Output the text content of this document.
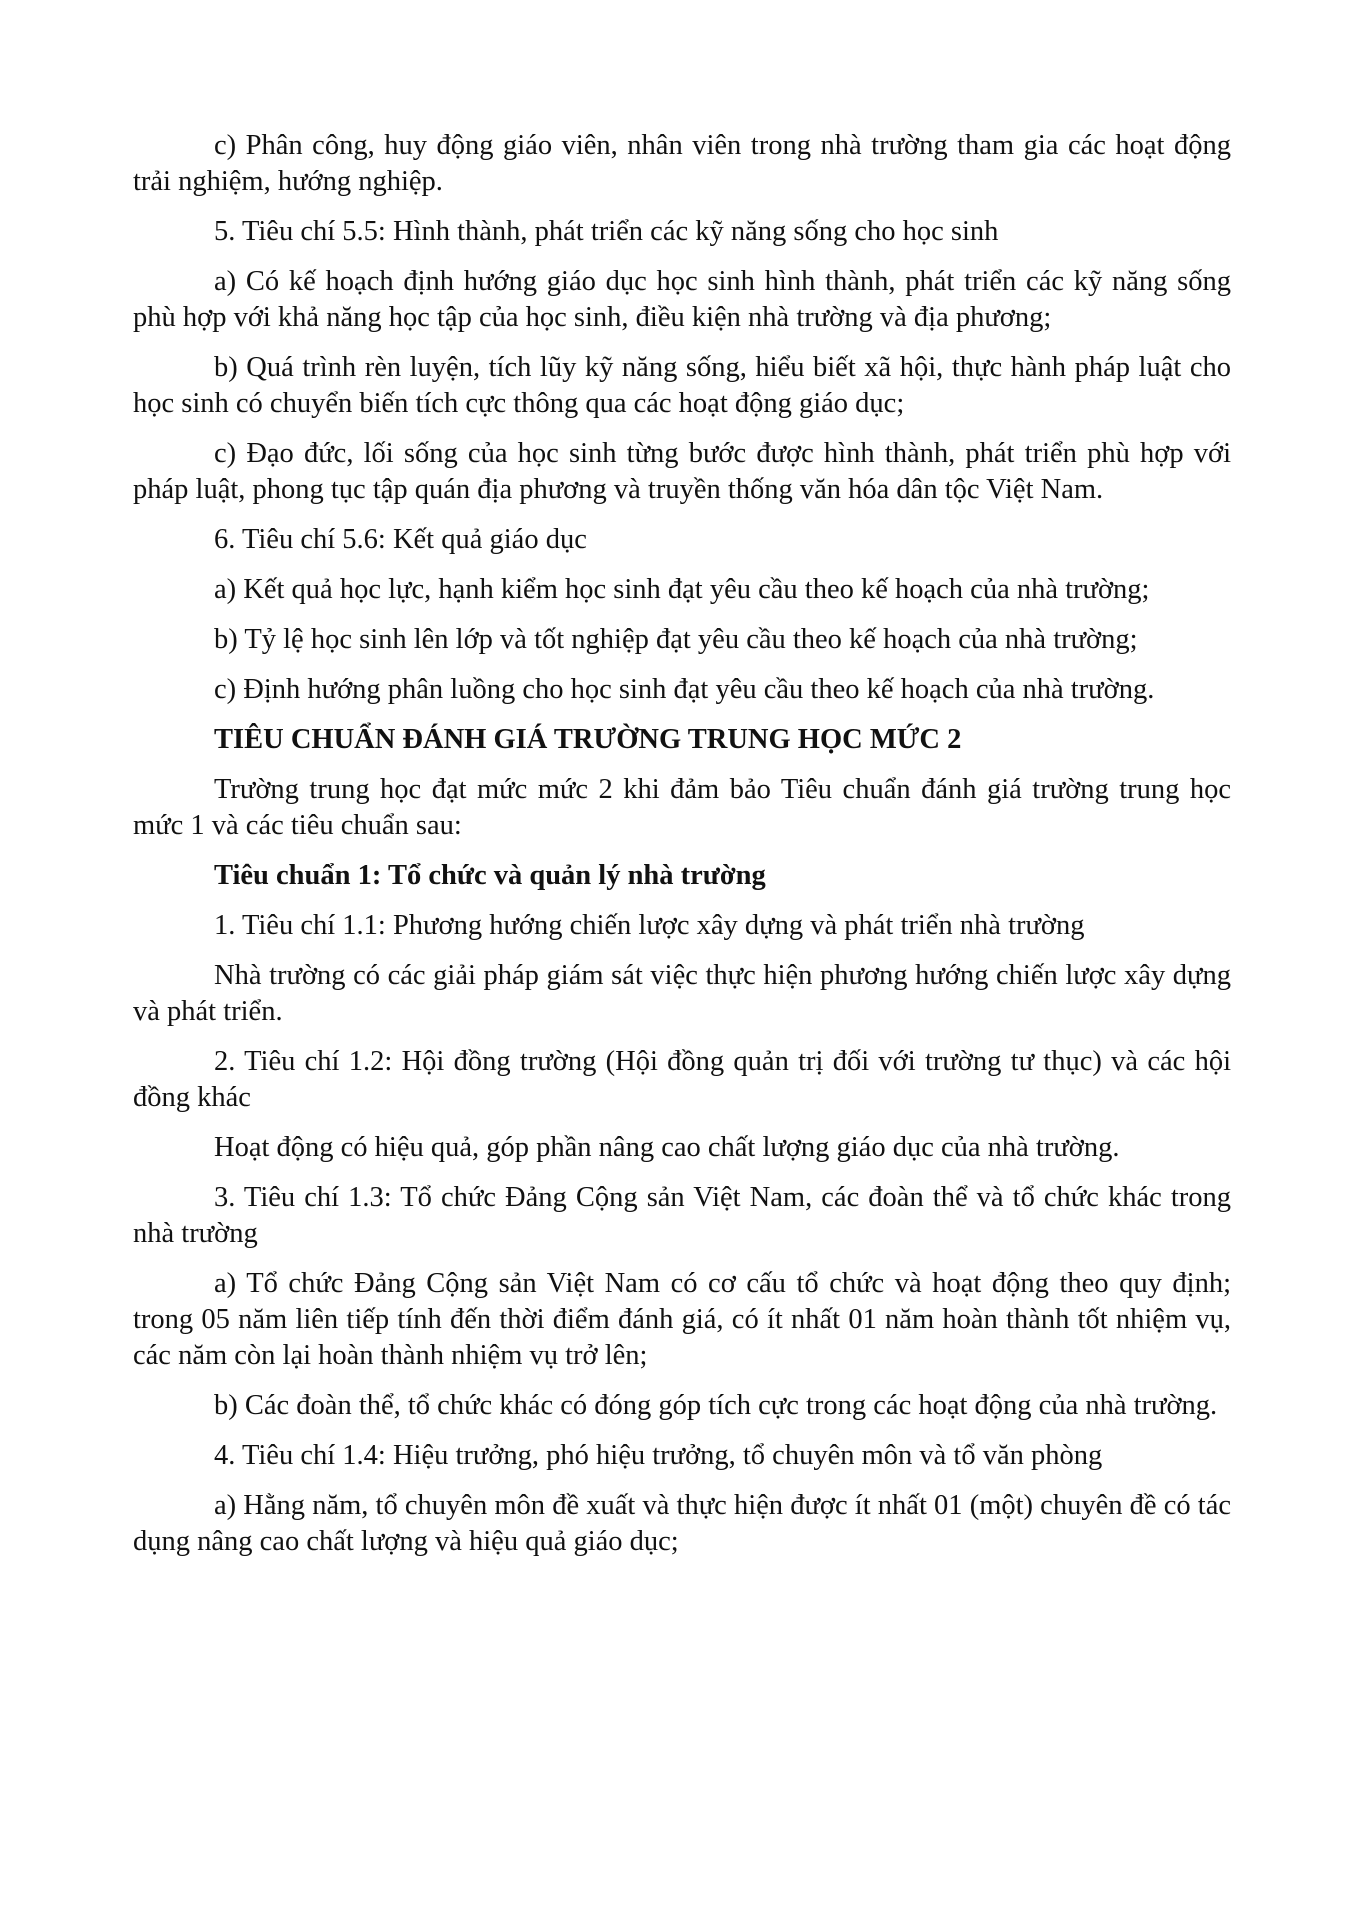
c) Phân công, huy động giáo viên, nhân viên trong nhà trường tham gia các hoạt động trải nghiệm, hướng nghiệp.

5. Tiêu chí 5.5: Hình thành, phát triển các kỹ năng sống cho học sinh

a) Có kế hoạch định hướng giáo dục học sinh hình thành, phát triển các kỹ năng sống phù hợp với khả năng học tập của học sinh, điều kiện nhà trường và địa phương;

b) Quá trình rèn luyện, tích lũy kỹ năng sống, hiểu biết xã hội, thực hành pháp luật cho học sinh có chuyển biến tích cực thông qua các hoạt động giáo dục;

c) Đạo đức, lối sống của học sinh từng bước được hình thành, phát triển phù hợp với pháp luật, phong tục tập quán địa phương và truyền thống văn hóa dân tộc Việt Nam.

6. Tiêu chí 5.6: Kết quả giáo dục

a) Kết quả học lực, hạnh kiểm học sinh đạt yêu cầu theo kế hoạch của nhà trường;

b) Tỷ lệ học sinh lên lớp và tốt nghiệp đạt yêu cầu theo kế hoạch của nhà trường;

c) Định hướng phân luồng cho học sinh đạt yêu cầu theo kế hoạch của nhà trường.

TIÊU CHUẨN ĐÁNH GIÁ TRƯỜNG TRUNG HỌC MỨC 2

Trường trung học đạt mức mức 2 khi đảm bảo Tiêu chuẩn đánh giá trường trung học mức 1 và các tiêu chuẩn sau:

Tiêu chuẩn 1: Tổ chức và quản lý nhà trường

1. Tiêu chí 1.1: Phương hướng chiến lược xây dựng và phát triển nhà trường

Nhà trường có các giải pháp giám sát việc thực hiện phương hướng chiến lược xây dựng và phát triển.

2. Tiêu chí 1.2: Hội đồng trường (Hội đồng quản trị đối với trường tư thục) và các hội đồng khác

Hoạt động có hiệu quả, góp phần nâng cao chất lượng giáo dục của nhà trường.

3. Tiêu chí 1.3: Tổ chức Đảng Cộng sản Việt Nam, các đoàn thể và tổ chức khác trong nhà trường

a) Tổ chức Đảng Cộng sản Việt Nam có cơ cấu tổ chức và hoạt động theo quy định; trong 05 năm liên tiếp tính đến thời điểm đánh giá, có ít nhất 01 năm hoàn thành tốt nhiệm vụ, các năm còn lại hoàn thành nhiệm vụ trở lên;

b) Các đoàn thể, tổ chức khác có đóng góp tích cực trong các hoạt động của nhà trường.

4. Tiêu chí 1.4: Hiệu trưởng, phó hiệu trưởng, tổ chuyên môn và tổ văn phòng

a) Hằng năm, tổ chuyên môn đề xuất và thực hiện được ít nhất 01 (một) chuyên đề có tác dụng nâng cao chất lượng và hiệu quả giáo dục;
